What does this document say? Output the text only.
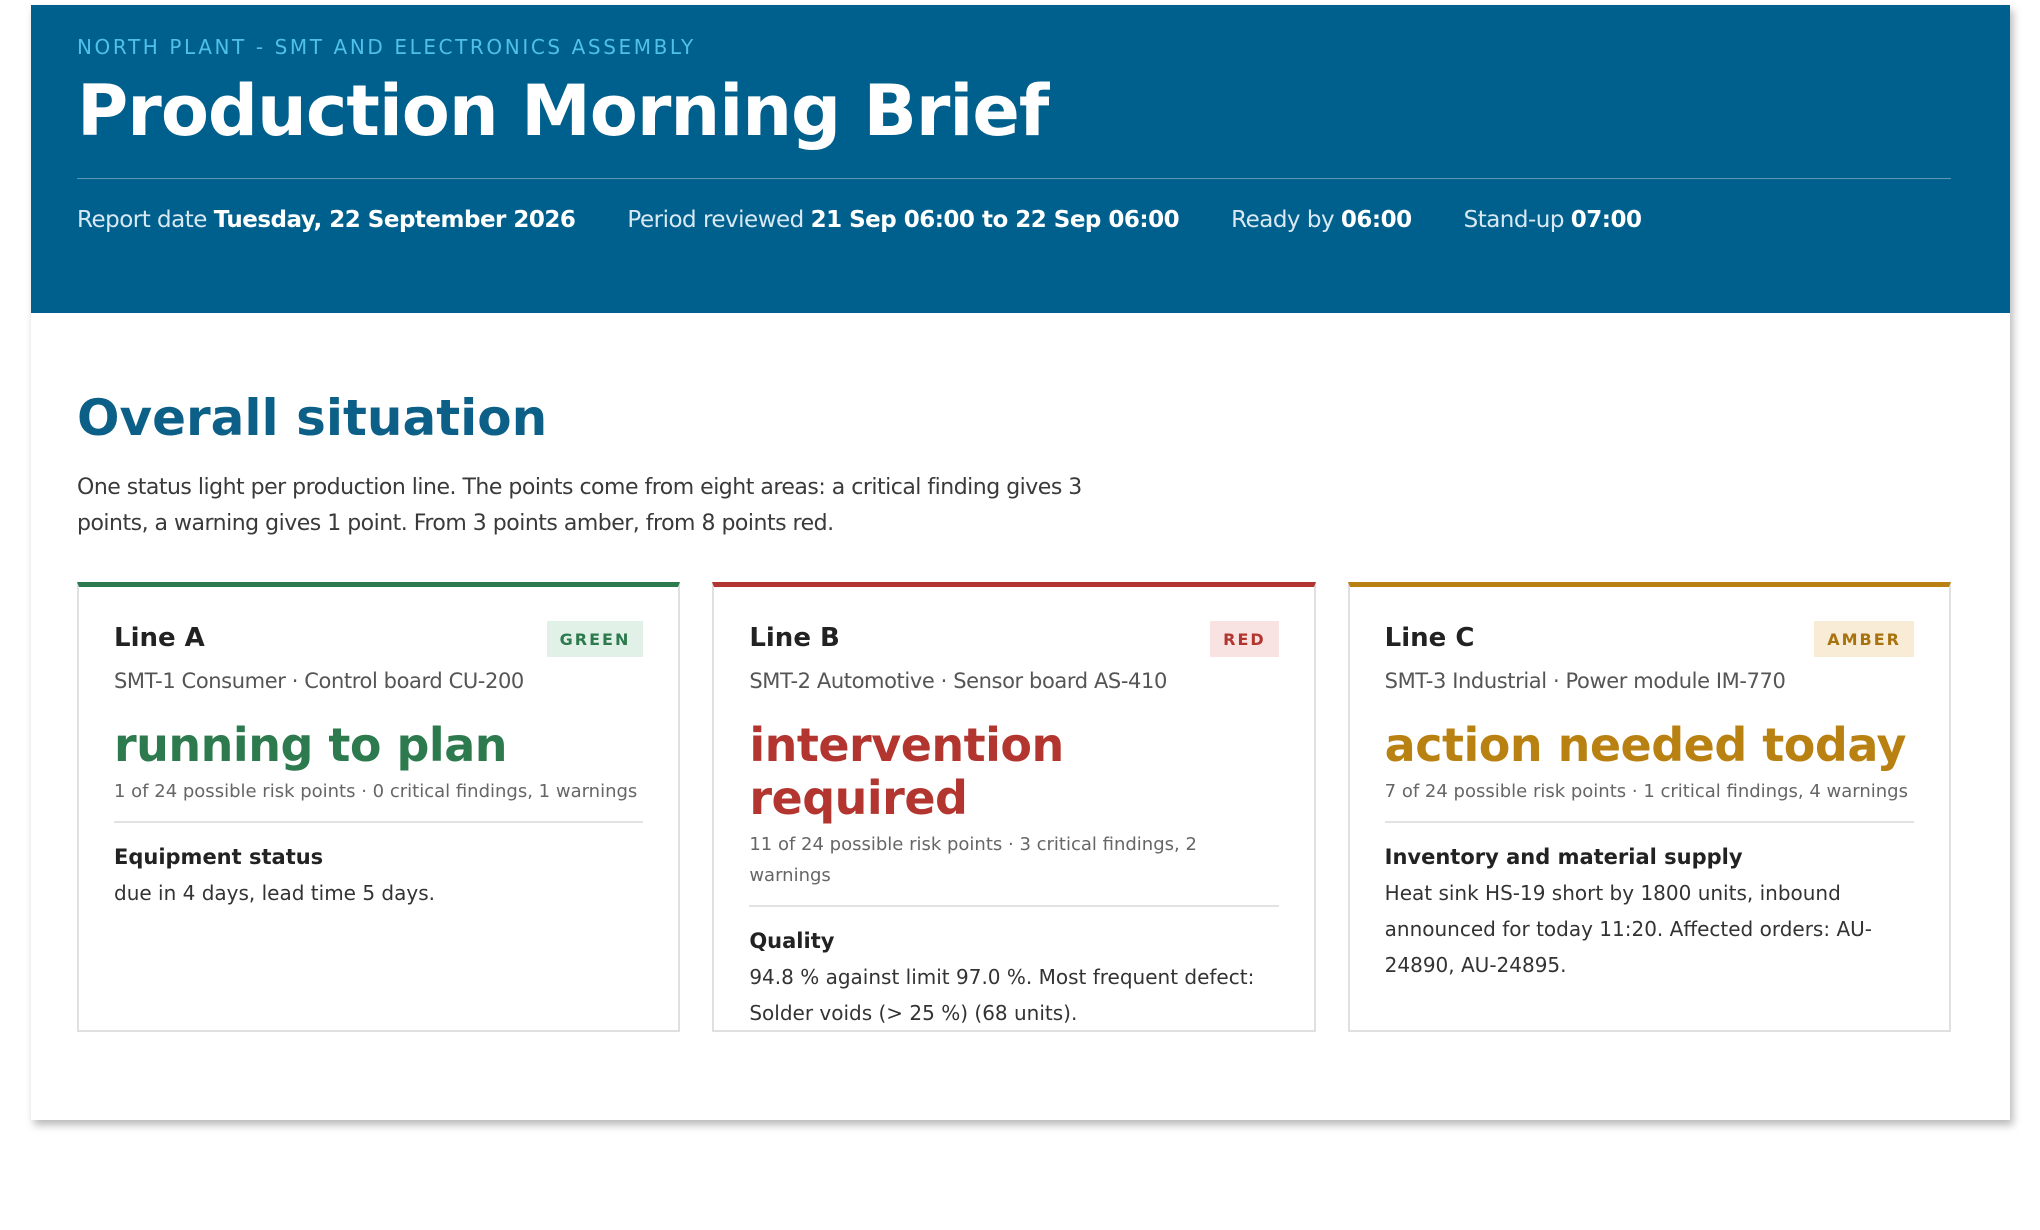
NORTH PLANT - SMT AND ELECTRONICS ASSEMBLY
Production Morning Brief
Report date Tuesday, 22 September 2026 Period reviewed 21 Sep 06:00 to 22 Sep 06:00 Ready by 06:00 Stand-up 07:00
Overall situation
One status light per production line. The points come from eight areas: a critical finding gives 3 points, a warning gives 1 point. From 3 points amber, from 8 points red.
Line A	GREEN
SMT-1 Consumer · Control board CU-200
running to plan
1 of 24 possible risk points · 0 critical findings, 1 warnings
Equipment status
due in 4 days, lead time 5 days.
Line B	RED
SMT-2 Automotive · Sensor board AS-410
intervention required
11 of 24 possible risk points · 3 critical findings, 2 warnings
Quality
94.8 % against limit 97.0 %. Most frequent defect: Solder voids (> 25 %) (68 units).
Line C	AMBER
SMT-3 Industrial · Power module IM-770
action needed today
7 of 24 possible risk points · 1 critical findings, 4 warnings
Inventory and material supply
Heat sink HS-19 short by 1800 units, inbound announced for today 11:20. Affected orders: AU-24890, AU-24895.
